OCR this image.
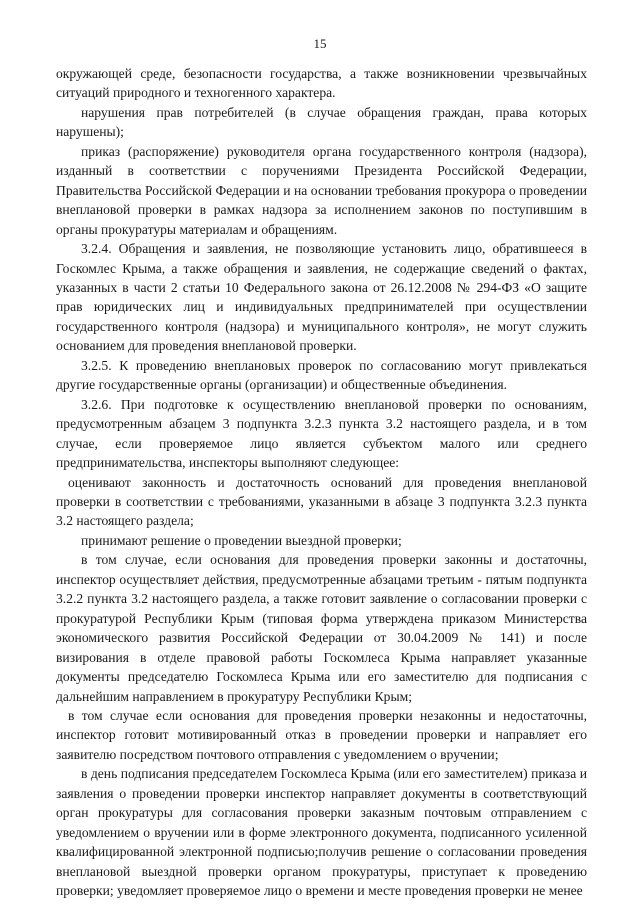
15

окружающей среде, безопасности государства, а также возникновении чрезвычайных ситуаций природного и техногенного характера.

нарушения прав потребителей (в случае обращения граждан, права которых нарушены);

приказ (распоряжение) руководителя органа государственного контроля (надзора), изданный в соответствии с поручениями Президента Российской Федерации, Правительства Российской Федерации и на основании требования прокурора о проведении внеплановой проверки в рамках надзора за исполнением законов по поступившим в органы прокуратуры материалам и обращениям.

3.2.4. Обращения и заявления, не позволяющие установить лицо, обратившееся в Госкомлес Крыма, а также обращения и заявления, не содержащие сведений о фактах, указанных в части 2 статьи 10 Федерального закона от 26.12.2008 № 294-ФЗ «О защите прав юридических лиц и индивидуальных предпринимателей при осуществлении государственного контроля (надзора) и муниципального контроля», не могут служить основанием для проведения внеплановой проверки.

3.2.5. К проведению внеплановых проверок по согласованию могут привлекаться другие государственные органы (организации) и общественные объединения.

3.2.6. При подготовке к осуществлению внеплановой проверки по основаниям, предусмотренным абзацем 3 подпункта 3.2.3 пункта 3.2 настоящего раздела, и в том случае, если проверяемое лицо является субъектом малого или среднего предпринимательства, инспекторы выполняют следующее:

оценивают законность и достаточность оснований для проведения внеплановой проверки в соответствии с требованиями, указанными в абзаце 3 подпункта 3.2.3 пункта 3.2 настоящего раздела;

принимают решение о проведении выездной проверки;

в том случае, если основания для проведения проверки законны и достаточны, инспектор осуществляет действия, предусмотренные абзацами третьим - пятым подпункта 3.2.2 пункта 3.2 настоящего раздела, а также готовит заявление о согласовании проверки с прокуратурой Республики Крым (типовая форма утверждена приказом Министерства экономического развития Российской Федерации от 30.04.2009 № 141) и после визирования в отделе правовой работы Госкомлеса Крыма направляет указанные документы председателю Госкомлеса Крыма или его заместителю для подписания с дальнейшим направлением в прокуратуру Республики Крым;

в том случае если основания для проведения проверки незаконны и недостаточны, инспектор готовит мотивированный отказ в проведении проверки и направляет его заявителю посредством почтового отправления с уведомлением о вручении;

в день подписания председателем Госкомлеса Крыма (или его заместителем) приказа и заявления о проведении проверки инспектор направляет документы в соответствующий орган прокуратуры для согласования проверки заказным почтовым отправлением с уведомлением о вручении или в форме электронного документа, подписанного усиленной квалифицированной электронной подписью;получив решение о согласовании проведения внеплановой выездной проверки органом прокуратуры, приступает к проведению проверки; уведомляет проверяемое лицо о времени и месте проведения проверки не менее
